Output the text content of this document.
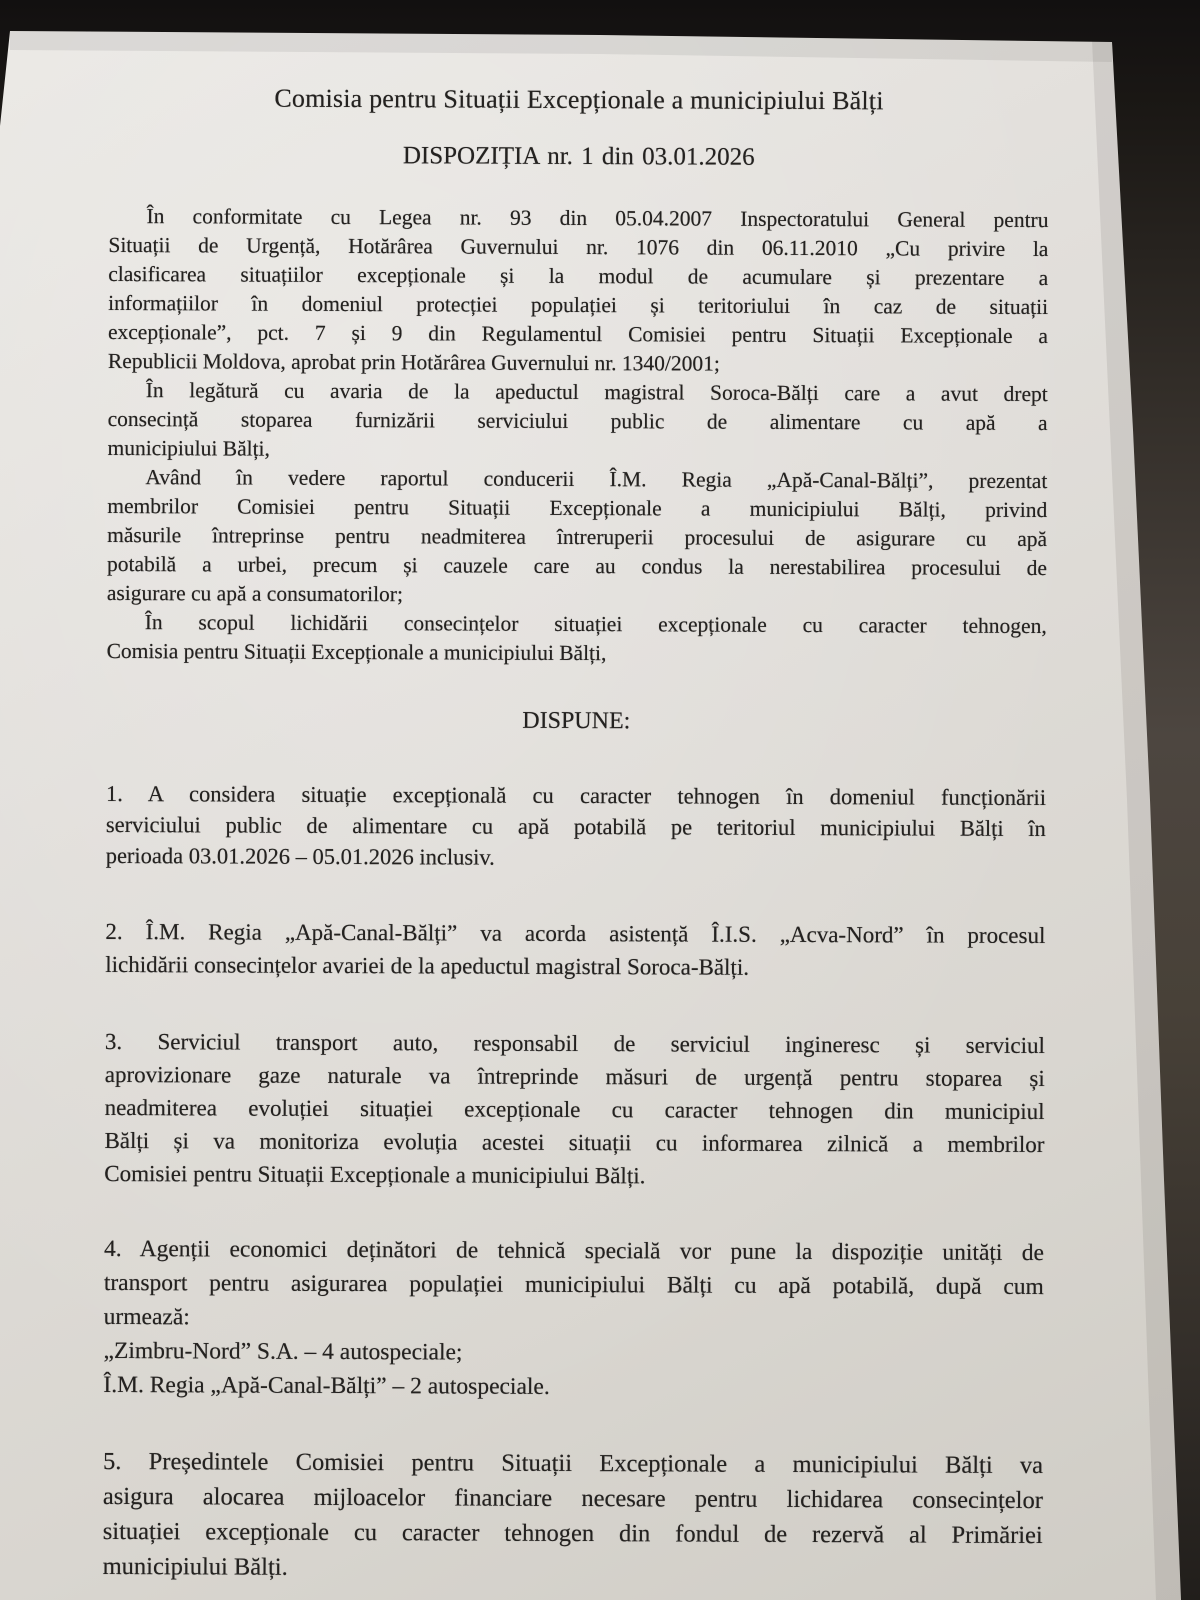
Comisia pentru Situații Excepționale a municipiului Bălți
DISPOZIȚIA nr. 1 din 03.01.2026
În conformitate cu Legea nr. 93 din 05.04.2007 Inspectoratului General pentru
Situații de Urgență, Hotărârea Guvernului nr. 1076 din 06.11.2010 „Cu privire la
clasificarea situațiilor excepționale și la modul de acumulare și prezentare a
informațiilor în domeniul protecției populației și teritoriului în caz de situații
excepționale”, pct. 7 și 9 din Regulamentul Comisiei pentru Situații Excepționale a
Republicii Moldova, aprobat prin Hotărârea Guvernului nr. 1340/2001;
În legătură cu avaria de la apeductul magistral Soroca-Bălți care a avut drept
consecință stoparea furnizării serviciului public de alimentare cu apă a
municipiului Bălți,
Având în vedere raportul conducerii Î.M. Regia „Apă-Canal-Bălți”, prezentat
membrilor Comisiei pentru Situații Excepționale a municipiului Bălți, privind
măsurile întreprinse pentru neadmiterea întreruperii procesului de asigurare cu apă
potabilă a urbei, precum și cauzele care au condus la nerestabilirea procesului de
asigurare cu apă a consumatorilor;
În scopul lichidării consecințelor situației excepționale cu caracter tehnogen,
Comisia pentru Situații Excepționale a municipiului Bălți,
DISPUNE:
1. A considera situație excepțională cu caracter tehnogen în domeniul funcționării
serviciului public de alimentare cu apă potabilă pe teritoriul municipiului Bălți în
perioada 03.01.2026 – 05.01.2026 inclusiv.
2. Î.M. Regia „Apă-Canal-Bălți” va acorda asistență Î.I.S. „Acva-Nord” în procesul
lichidării consecințelor avariei de la apeductul magistral Soroca-Bălți.
3. Serviciul transport auto, responsabil de serviciul ingineresc și serviciul
aprovizionare gaze naturale va întreprinde măsuri de urgență pentru stoparea și
neadmiterea evoluției situației excepționale cu caracter tehnogen din municipiul
Bălți și va monitoriza evoluția acestei situații cu informarea zilnică a membrilor
Comisiei pentru Situații Excepționale a municipiului Bălți.
4. Agenții economici deținători de tehnică specială vor pune la dispoziție unități de
transport pentru asigurarea populației municipiului Bălți cu apă potabilă, după cum
urmează:
„Zimbru-Nord” S.A. – 4 autospeciale;
Î.M. Regia „Apă-Canal-Bălți” – 2 autospeciale.
5. Președintele Comisiei pentru Situații Excepționale a municipiului Bălți va
asigura alocarea mijloacelor financiare necesare pentru lichidarea consecințelor
situației excepționale cu caracter tehnogen din fondul de rezervă al Primăriei
municipiului Bălți.
